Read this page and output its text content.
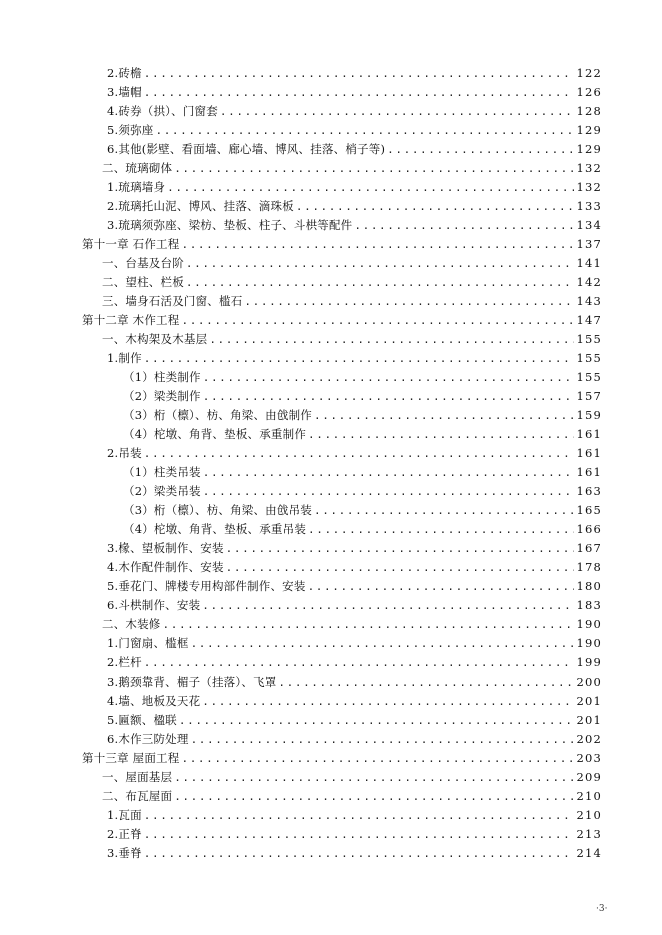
2.砖檐 .....	122
3.墙帽 .....	126
4.砖券（拱）、门窗套 .....	128
5.须弥座 .....	129
6.其他(影壁、看面墙、廊心墙、博风、挂落、梢子等) .....	129
二、琉璃砌体 .....	132
1.琉璃墙身 .....	132
2.琉璃托山泥、博风、挂落、滴珠板 .....	133
3.琉璃须弥座、梁枋、垫板、柱子、斗栱等配件 .....	134
第十一章 石作工程 .....	137
一、台基及台阶 .....	141
二、望柱、栏板 .....	142
三、墙身石活及门窗、槛石 .....	143
第十二章 木作工程 .....	147
一、木构架及木基层 .....	155
1.制作 .....	155
（1）柱类制作 .....	155
（2）梁类制作 .....	157
（3）桁（檩）、枋、角梁、由戗制作 .....	159
（4）柁墩、角背、垫板、承重制作 .....	161
2.吊装 .....	161
（1）柱类吊装 .....	161
（2）梁类吊装 .....	163
（3）桁（檩）、枋、角梁、由戗吊装 .....	165
（4）柁墩、角背、垫板、承重吊装 .....	166
3.椽、望板制作、安装 .....	167
4.木作配件制作、安装 .....	178
5.垂花门、牌楼专用构部件制作、安装 .....	180
6.斗栱制作、安装 .....	183
二、木装修 .....	190
1.门窗扇、槛框 .....	190
2.栏杆 .....	199
3.鹅颈靠背、楣子（挂落）、飞罩 .....	200
4.墙、地板及天花 .....	201
5.匾额、楹联 .....	201
6.木作三防处理 .....	202
第十三章 屋面工程 .....	203
一、屋面基层 .....	209
二、布瓦屋面 .....	210
1.瓦面 .....	210
2.正脊 .....	213
3.垂脊 .....	214
·3·
